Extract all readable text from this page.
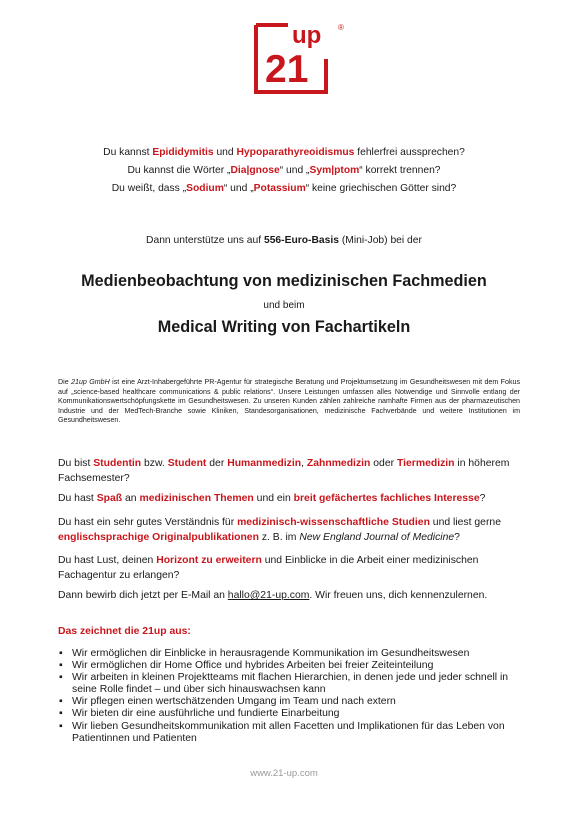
21
up ®
Du kannst Epididymitis und Hypoparathyreoidismus fehlerfrei aussprechen?
Du kannst die Wörter „Dia|gnose“ und „Sym|ptom“ korrekt trennen?
Du weißt, dass „Sodium“ und „Potassium“ keine griechischen Götter sind?
Dann unterstütze uns auf 556-Euro-Basis (Mini-Job) bei der
Medienbeobachtung von medizinischen Fachmedien
und beim
Medical Writing von Fachartikeln
Die 21up GmbH ist eine Arzt-Inhabergeführte PR-Agentur für strategische Beratung und Projektumsetzung im Gesundheitswesen mit dem Fokus auf „science-based healthcare communications & public relations“. Unsere Leistungen umfassen alles Notwendige und Sinnvolle entlang der Kommunikationswertschöpfungskette im Gesundheitswesen. Zu unseren Kunden zählen zahlreiche namhafte Firmen aus der pharmazeutischen Industrie und der MedTech-Branche sowie Kliniken, Standesorganisationen, medizinische Fachverbände und weitere Institutionen im Gesundheitswesen.
Du bist Studentin bzw. Student der Humanmedizin, Zahnmedizin oder Tiermedizin in höherem Fachsemester?
Du hast Spaß an medizinischen Themen und ein breit gefächertes fachliches Interesse?
Du hast ein sehr gutes Verständnis für medizinisch-wissenschaftliche Studien und liest gerne englischsprachige Originalpublikationen z. B. im New England Journal of Medicine?
Du hast Lust, deinen Horizont zu erweitern und Einblicke in die Arbeit einer medizinischen Fachagentur zu erlangen?
Dann bewirb dich jetzt per E-Mail an hallo@21-up.com. Wir freuen uns, dich kennenzulernen.
Das zeichnet die 21up aus:
▪ Wir ermöglichen dir Einblicke in herausragende Kommunikation im Gesundheitswesen
▪ Wir ermöglichen dir Home Office und hybrides Arbeiten bei freier Zeiteinteilung
▪ Wir arbeiten in kleinen Projektteams mit flachen Hierarchien, in denen jede und jeder schnell in seine Rolle findet – und über sich hinauswachsen kann
▪ Wir pflegen einen wertschätzenden Umgang im Team und nach extern
▪ Wir bieten dir eine ausführliche und fundierte Einarbeitung
▪ Wir lieben Gesundheitskommunikation mit allen Facetten und Implikationen für das Leben von Patientinnen und Patienten
www.21-up.com
